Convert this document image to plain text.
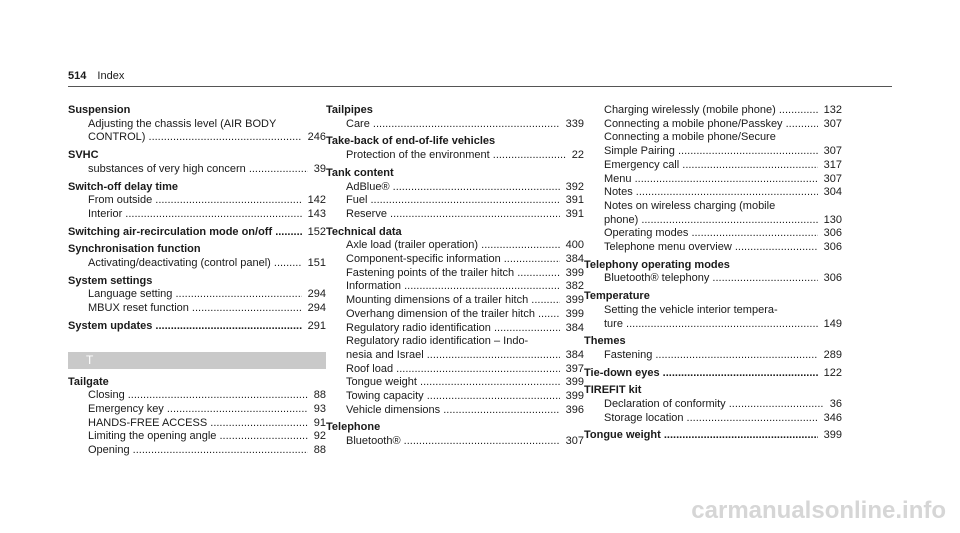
514 Index
Suspension
Adjusting the chassis level (AIR BODY
CONTROL) .....	246
SVHC
substances of very high concern .....	39
Switch-off delay time
From outside .....	142
Interior .....	143
Switching air-recirculation mode on/off .....	152
Synchronisation function
Activating/deactivating (control panel) .....	151
System settings
Language setting .....	294
MBUX reset function .....	294
System updates .....	291
T
Tailgate
Closing .....	88
Emergency key .....	93
HANDS-FREE ACCESS .....	91
Limiting the opening angle .....	92
Opening .....	88
Tailpipes
Care .....	339
Take-back of end-of-life vehicles
Protection of the environment .....	22
Tank content
AdBlue® .....	392
Fuel .....	391
Reserve .....	391
Technical data
Axle load (trailer operation) .....	400
Component-specific information .....	384
Fastening points of the trailer hitch .....	399
Information .....	382
Mounting dimensions of a trailer hitch .....	399
Overhang dimension of the trailer hitch .....	399
Regulatory radio identification .....	384
Regulatory radio identification – Indo-
nesia and Israel .....	384
Roof load .....	397
Tongue weight .....	399
Towing capacity .....	399
Vehicle dimensions .....	396
Telephone
Bluetooth® .....	307
Charging wirelessly (mobile phone) .....	132
Connecting a mobile phone/Passkey .....	307
Connecting a mobile phone/Secure
Simple Pairing .....	307
Emergency call .....	317
Menu .....	307
Notes .....	304
Notes on wireless charging (mobile
phone) .....	130
Operating modes .....	306
Telephone menu overview .....	306
Telephony operating modes
Bluetooth® telephony .....	306
Temperature
Setting the vehicle interior tempera-
ture .....	149
Themes
Fastening .....	289
Tie-down eyes .....	122
TIREFIT kit
Declaration of conformity .....	36
Storage location .....	346
Tongue weight .....	399
carmanualsonline.info
